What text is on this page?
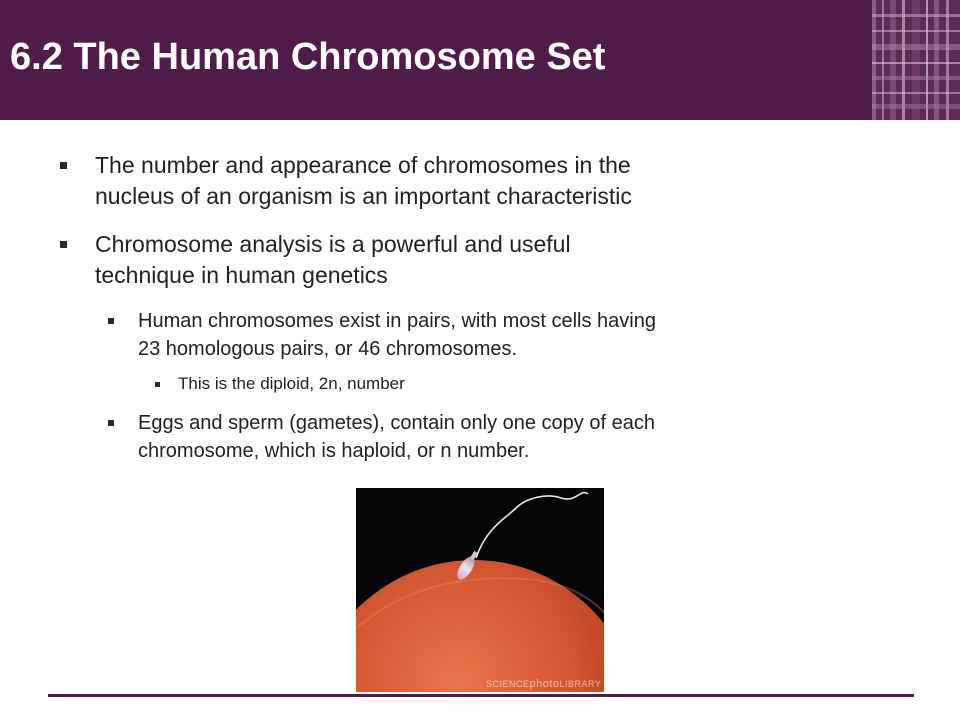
6.2 The Human Chromosome Set
The number and appearance of chromosomes in the
nucleus of an organism is an important characteristic
Chromosome analysis is a powerful and useful
technique in human genetics
Human chromosomes exist in pairs, with most cells having
23 homologous pairs, or 46 chromosomes.
This is the diploid, 2n, number
Eggs and sperm (gametes), contain only one copy of each
chromosome, which is haploid, or n number.
SCIENCEphotoLIBRARY
